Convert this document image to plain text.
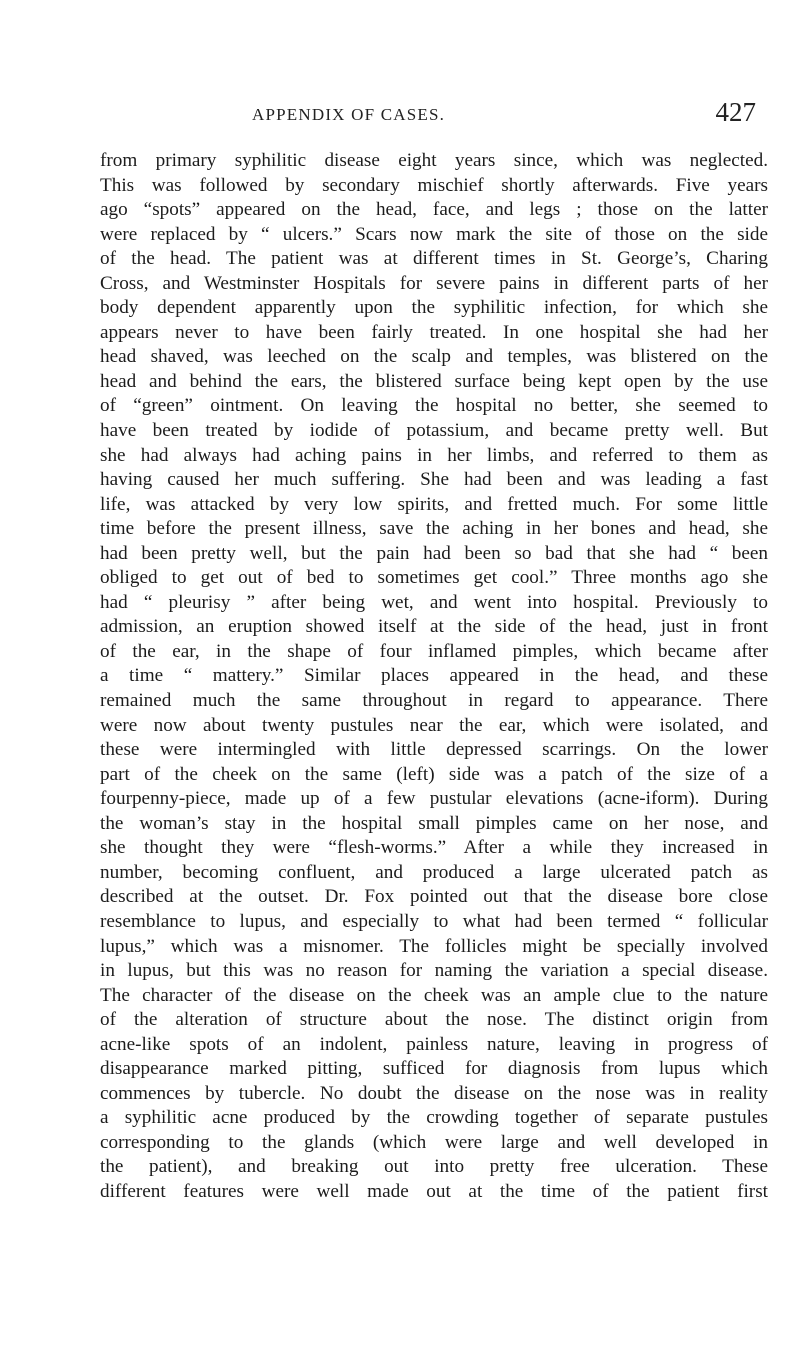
APPENDIX OF CASES.	427
from primary syphilitic disease eight years since, which was neglected.
This was followed by secondary mischief shortly afterwards. Five years
ago “spots” appeared on the head, face, and legs ; those on the latter
were replaced by “ ulcers.” Scars now mark the site of those on the side
of the head. The patient was at different times in St. George’s, Charing
Cross, and Westminster Hospitals for severe pains in different parts of her
body dependent apparently upon the syphilitic infection, for which she
appears never to have been fairly treated. In one hospital she had her
head shaved, was leeched on the scalp and temples, was blistered on the
head and behind the ears, the blistered surface being kept open by the use
of “green” ointment. On leaving the hospital no better, she seemed to
have been treated by iodide of potassium, and became pretty well. But
she had always had aching pains in her limbs, and referred to them as
having caused her much suffering. She had been and was leading a fast
life, was attacked by very low spirits, and fretted much. For some little
time before the present illness, save the aching in her bones and head, she
had been pretty well, but the pain had been so bad that she had “ been
obliged to get out of bed to sometimes get cool.” Three months ago she
had “ pleurisy ” after being wet, and went into hospital. Previously to
admission, an eruption showed itself at the side of the head, just in front
of the ear, in the shape of four inflamed pimples, which became after
a time “ mattery.” Similar places appeared in the head, and these
remained much the same throughout in regard to appearance. There
were now about twenty pustules near the ear, which were isolated, and
these were intermingled with little depressed scarrings. On the lower
part of the cheek on the same (left) side was a patch of the size of a
fourpenny-piece, made up of a few pustular elevations (acne-iform). During
the woman’s stay in the hospital small pimples came on her nose, and
she thought they were “flesh-worms.” After a while they increased in
number, becoming confluent, and produced a large ulcerated patch as
described at the outset. Dr. Fox pointed out that the disease bore close
resemblance to lupus, and especially to what had been termed “ follicular
lupus,” which was a misnomer. The follicles might be specially involved
in lupus, but this was no reason for naming the variation a special disease.
The character of the disease on the cheek was an ample clue to the nature
of the alteration of structure about the nose. The distinct origin from
acne-like spots of an indolent, painless nature, leaving in progress of
disappearance marked pitting, sufficed for diagnosis from lupus which
commences by tubercle. No doubt the disease on the nose was in reality
a syphilitic acne produced by the crowding together of separate pustules
corresponding to the glands (which were large and well developed in
the patient), and breaking out into pretty free ulceration. These
different features were well made out at the time of the patient first
